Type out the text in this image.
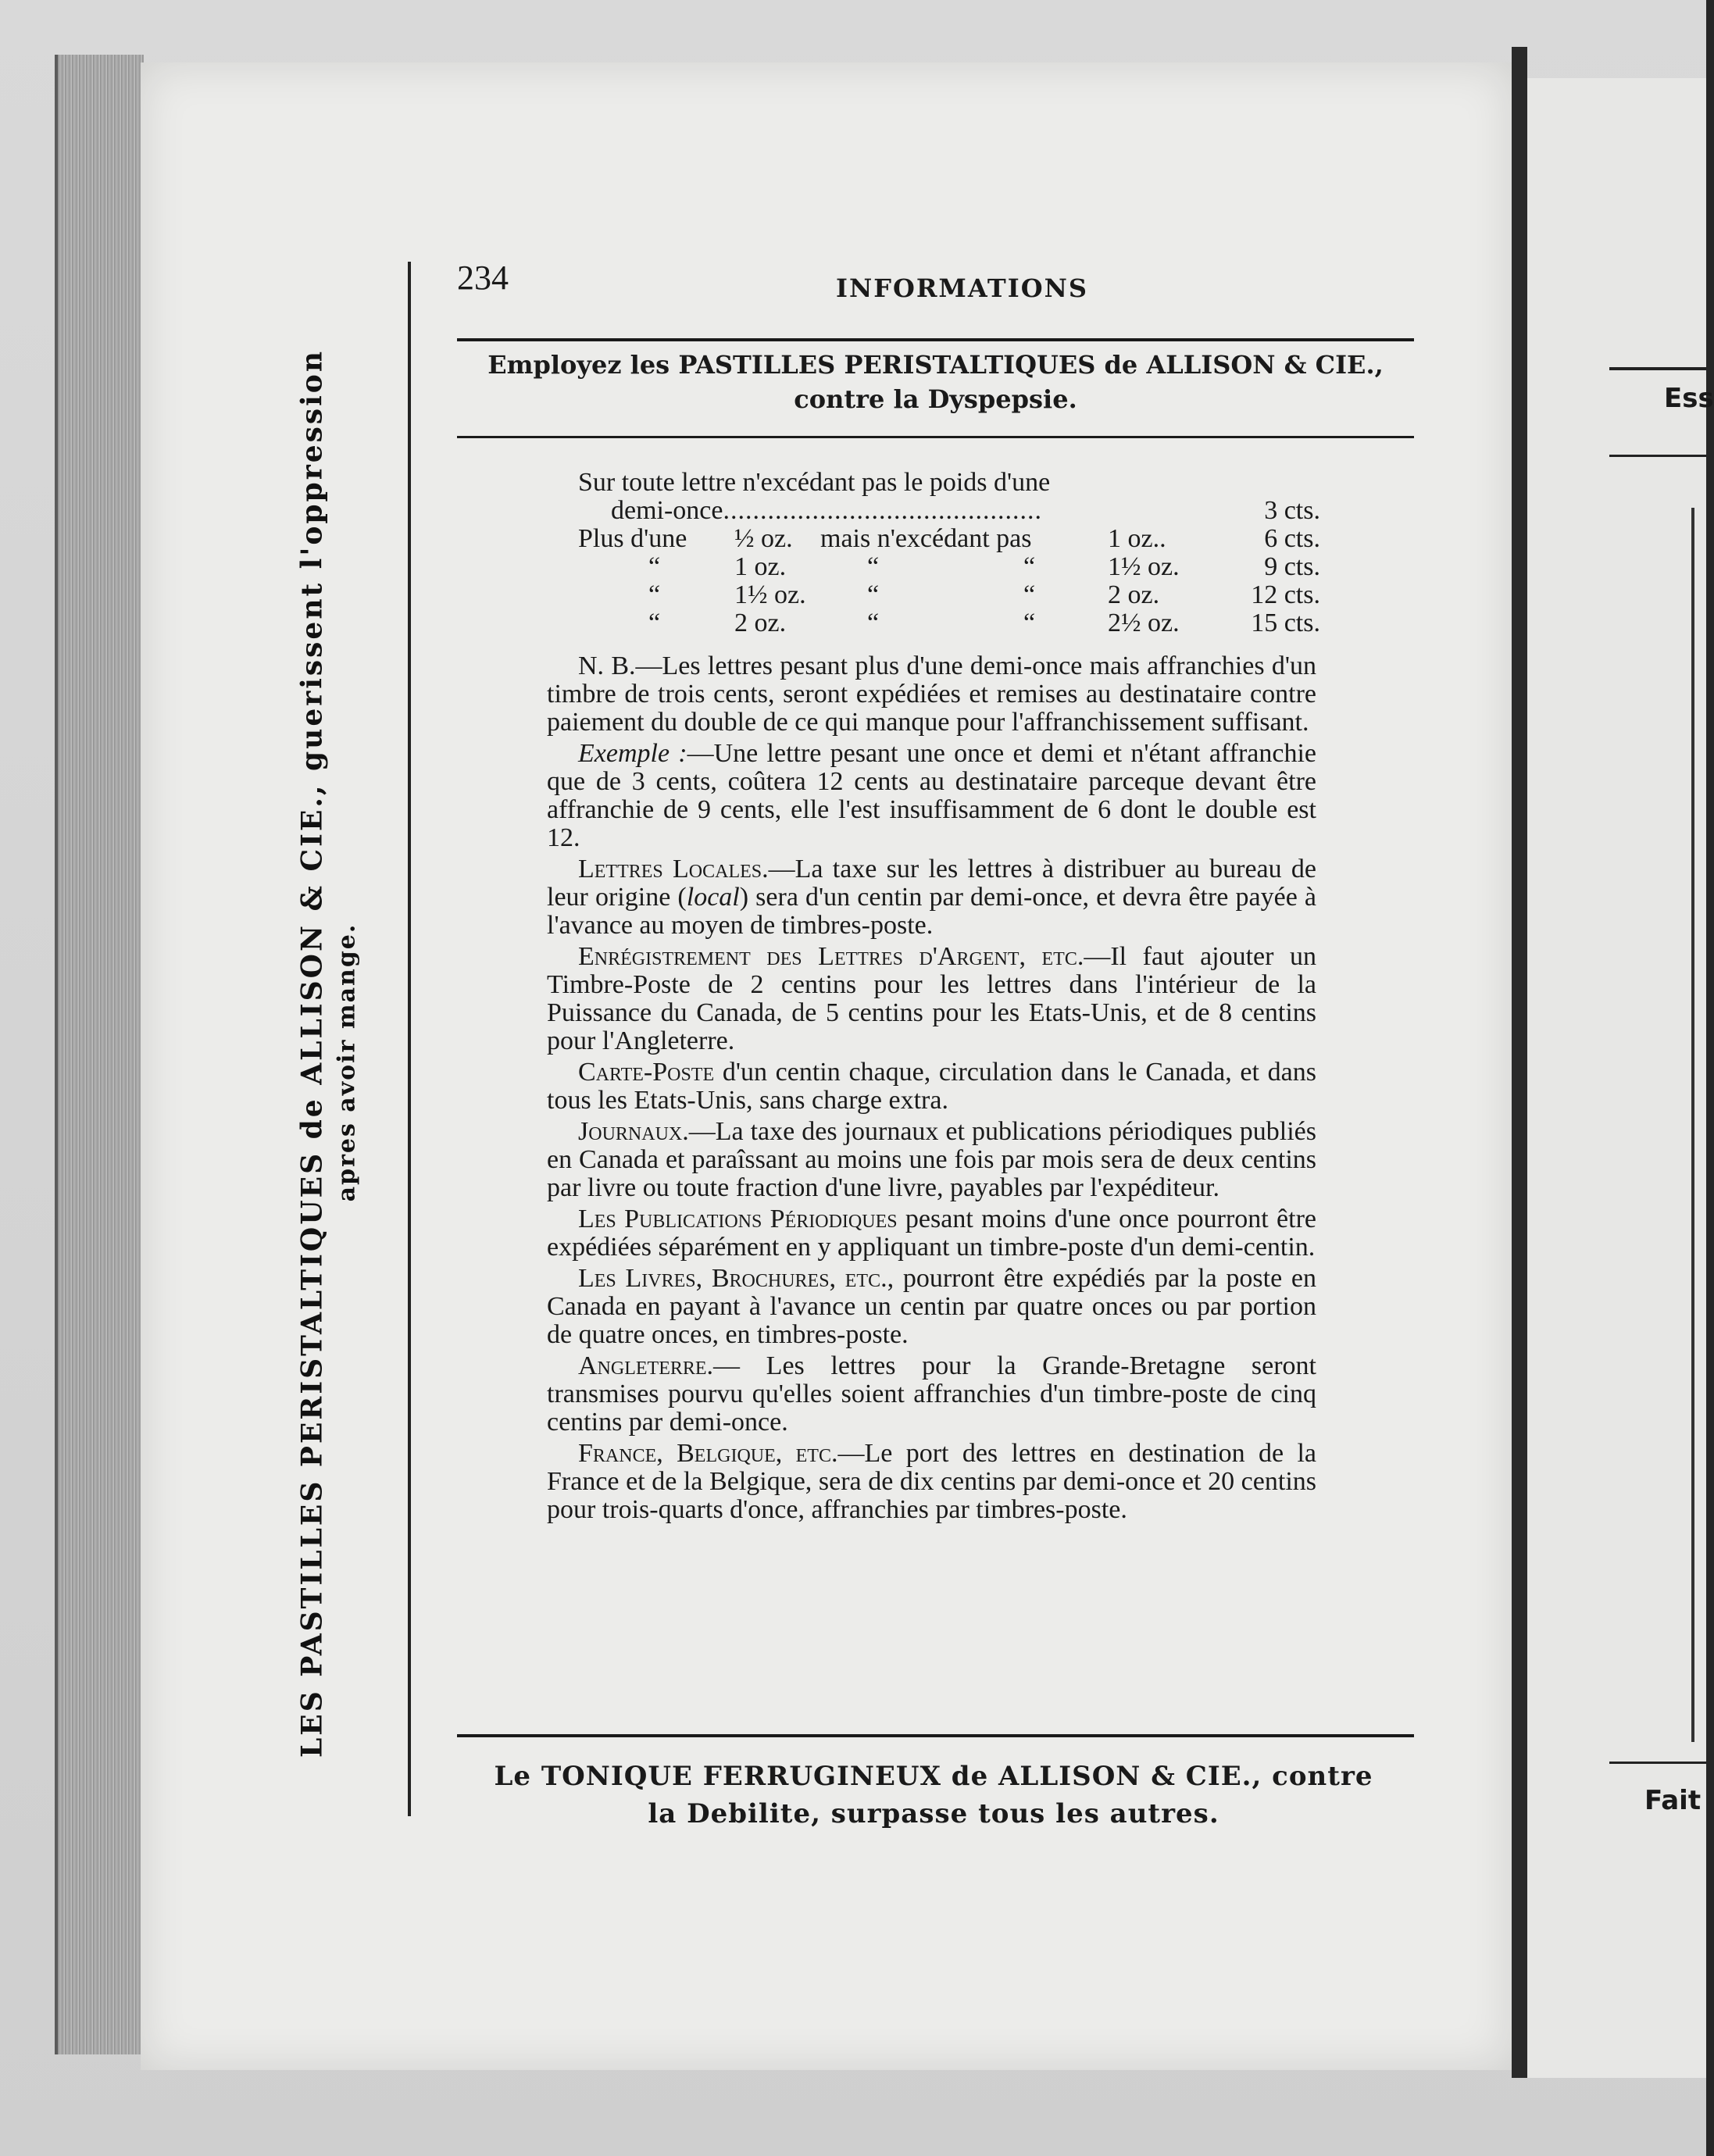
Ess
Fait
LES PASTILLES PERISTALTIQUES de ALLISON & CIE., guerissent l'oppression apres avoir mange.
234	INFORMATIONS
Employez les PASTILLES PERISTALTIQUES de ALLISON & CIE.,
contre la Dyspepsie.
Sur toute lettre n'excédant pas le poids d'une
demi-once...........................................	3 cts.
Plus d'une ½ oz. mais n'excédant pas	1 oz..	6 cts.
“	1 oz.	“	“	1½ oz.	9 cts.
“	1½ oz.	“	“	2 oz.	12 cts.
“	2 oz.	“	“	2½ oz.	15 cts.

N. B.—Les lettres pesant plus d'une demi-once mais affranchies d'un timbre de trois cents, seront expédiées et remises au destinataire contre paiement du double de ce qui manque pour l'affranchissement suffisant.

Exemple :—Une lettre pesant une once et demi et n'étant affranchie que de 3 cents, coûtera 12 cents au destinataire parceque devant être affranchie de 9 cents, elle l'est insuffisamment de 6 dont le double est 12.

Lettres Locales.—La taxe sur les lettres à distribuer au bureau de leur origine (local) sera d'un centin par demi-once, et devra être payée à l'avance au moyen de timbres-poste.

Enrégistrement des Lettres d'Argent, etc.—Il faut ajouter un Timbre-Poste de 2 centins pour les lettres dans l'intérieur de la Puissance du Canada, de 5 centins pour les Etats-Unis, et de 8 centins pour l'Angleterre.

Carte-Poste d'un centin chaque, circulation dans le Canada, et dans tous les Etats-Unis, sans charge extra.

Journaux.—La taxe des journaux et publications périodiques publiés en Canada et paraîssant au moins une fois par mois sera de deux centins par livre ou toute fraction d'une livre, payables par l'expéditeur.

Les Publications Périodiques pesant moins d'une once pourront être expédiées séparément en y appliquant un timbre-poste d'un demi-centin.

Les Livres, Brochures, etc., pourront être expédiés par la poste en Canada en payant à l'avance un centin par quatre onces ou par portion de quatre onces, en timbres-poste.

Angleterre.— Les lettres pour la Grande-Bretagne seront transmises pourvu qu'elles soient affranchies d'un timbre-poste de cinq centins par demi-once.

France, Belgique, etc.—Le port des lettres en destination de la France et de la Belgique, sera de dix centins par demi-once et 20 centins pour trois-quarts d'once, affranchies par timbres-poste.

Le TONIQUE FERRUGINEUX de ALLISON & CIE., contre
la Debilite, surpasse tous les autres.
